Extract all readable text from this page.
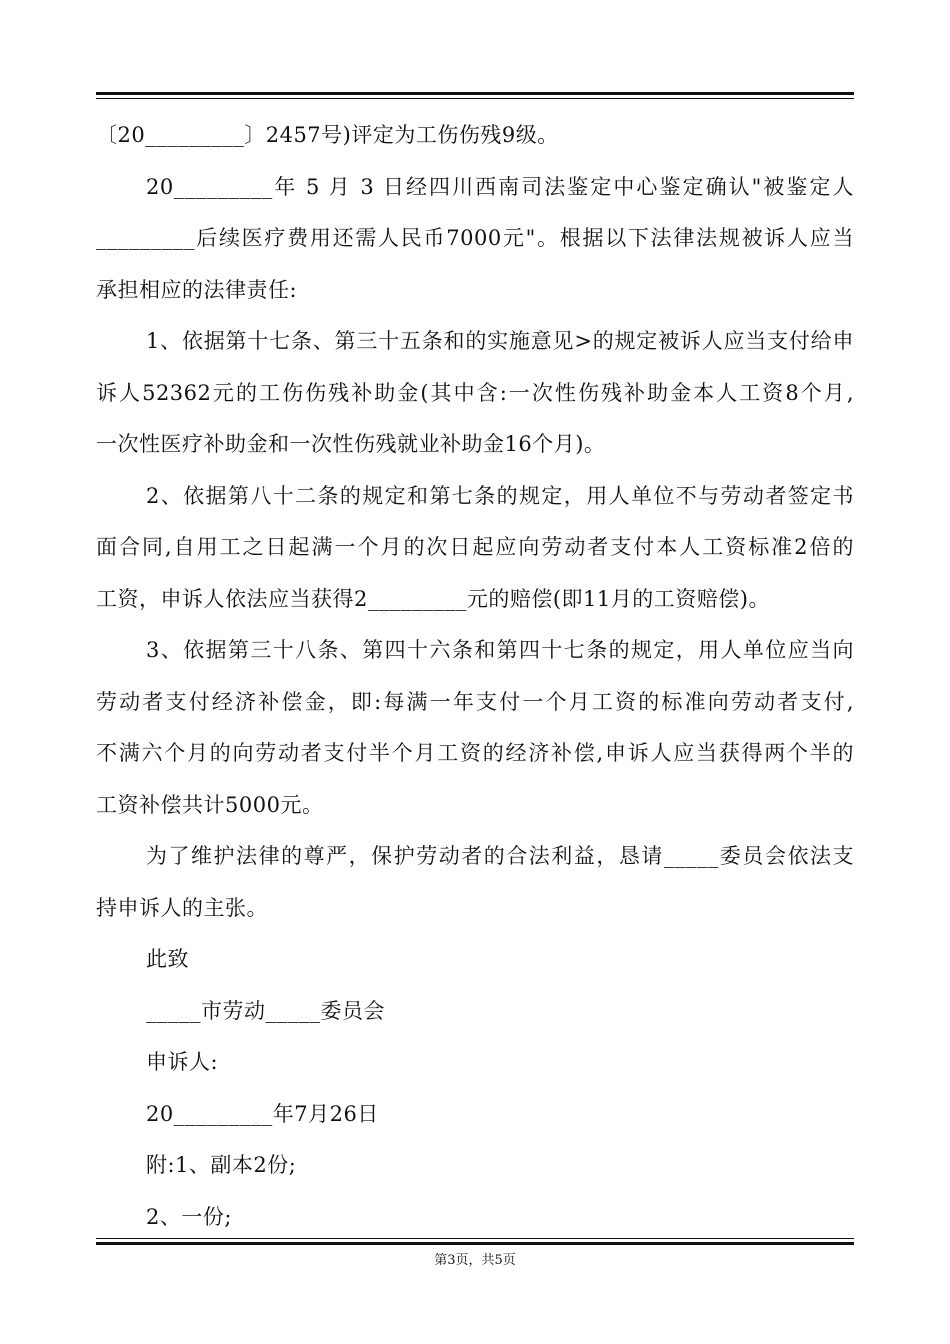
〔20_________〕2457号)评定为工伤伤残9级。
20_________年 5 月 3 日经四川西南司法鉴定中心鉴定确认"被鉴定人
_________后续医疗费用还需人民币7000元"。根据以下法律法规被诉人应当
承担相应的法律责任:
1、依据第十七条、第三十五条和的实施意见>的规定被诉人应当支付给申
诉人52362元的工伤伤残补助金(其中含:一次性伤残补助金本人工资8个月,
一次性医疗补助金和一次性伤残就业补助金16个月)。
2、依据第八十二条的规定和第七条的规定，用人单位不与劳动者签定书
面合同,自用工之日起满一个月的次日起应向劳动者支付本人工资标准2倍的
工资，申诉人依法应当获得2_________元的赔偿(即11月的工资赔偿)。
3、依据第三十八条、第四十六条和第四十七条的规定，用人单位应当向
劳动者支付经济补偿金，即:每满一年支付一个月工资的标准向劳动者支付,
不满六个月的向劳动者支付半个月工资的经济补偿,申诉人应当获得两个半的
工资补偿共计5000元。
为了维护法律的尊严，保护劳动者的合法利益，恳请_____委员会依法支
持申诉人的主张。
此致
_____市劳动_____委员会
申诉人:
20_________年7月26日
附:1、副本2份;
2、一份;
第3页，共5页
